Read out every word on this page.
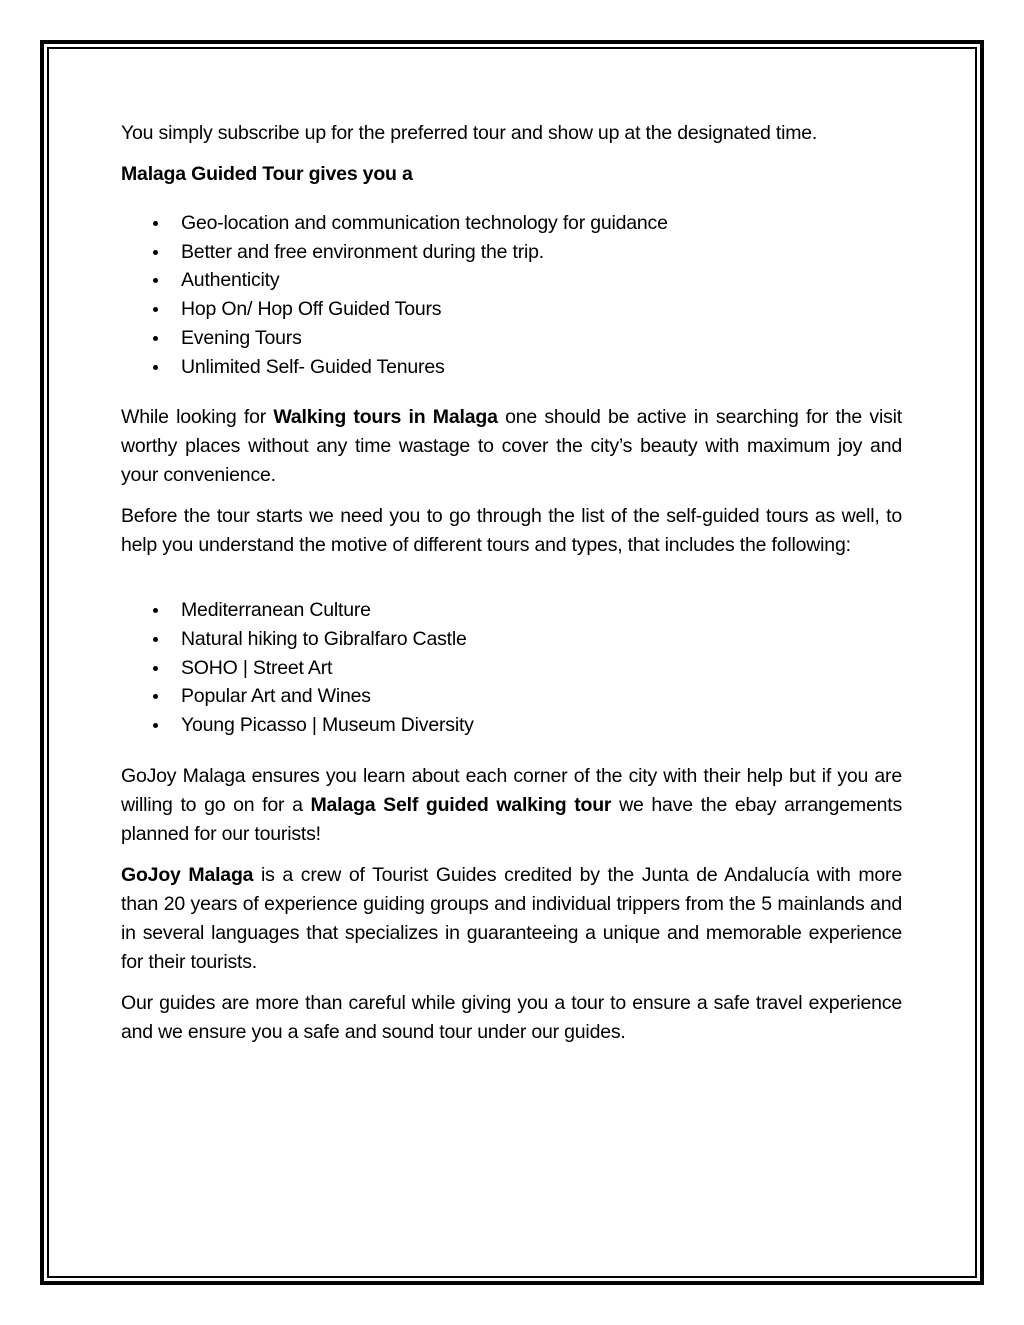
You simply subscribe up for the preferred tour and show up at the designated time.

Malaga Guided Tour gives you a

Geo-location and communication technology for guidance
Better and free environment during the trip.
Authenticity
Hop On/ Hop Off Guided Tours
Evening Tours
Unlimited Self- Guided Tenures

While looking for Walking tours in Malaga one should be active in searching for the visit worthy places without any time wastage to cover the city’s beauty with maximum joy and your convenience.

Before the tour starts we need you to go through the list of the self-guided tours as well, to help you understand the motive of different tours and types, that includes the following:

Mediterranean Culture
Natural hiking to Gibralfaro Castle
SOHO | Street Art
Popular Art and Wines
Young Picasso | Museum Diversity

GoJoy Malaga ensures you learn about each corner of the city with their help but if you are willing to go on for a Malaga Self guided walking tour we have the ebay arrangements planned for our tourists!

GoJoy Malaga is a crew of Tourist Guides credited by the Junta de Andalucía with more than 20 years of experience guiding groups and individual trippers from the 5 mainlands and in several languages that specializes in guaranteeing a unique and memorable experience for their tourists.

Our guides are more than careful while giving you a tour to ensure a safe travel experience and we ensure you a safe and sound tour under our guides.
